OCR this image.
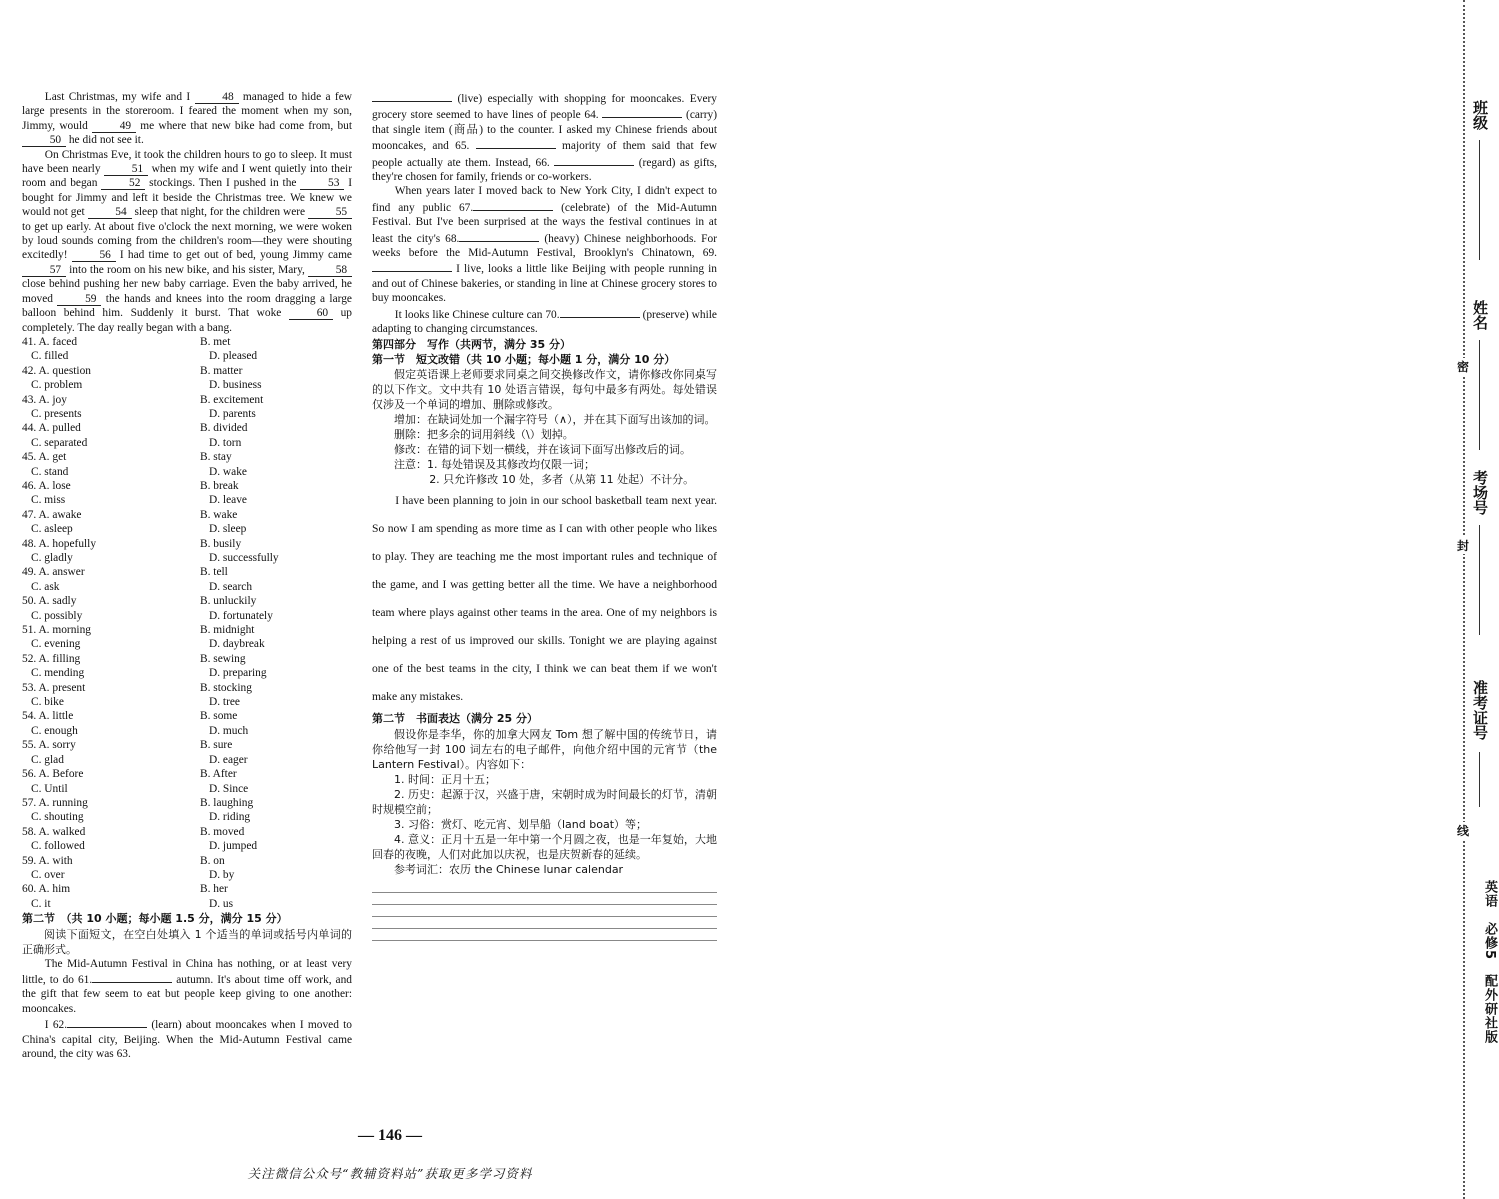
Last Christmas, my wife and I 48 managed to hide a few large presents in the storeroom. I feared the moment when my son, Jimmy, would 49 me where that new bike had come from, but 50 he did not see it.

On Christmas Eve, it took the children hours to go to sleep. It must have been nearly 51 when my wife and I went quietly into their room and began 52 stockings. Then I pushed in the 53 I bought for Jimmy and left it beside the Christmas tree. We knew we would not get 54 sleep that night, for the children were 55 to get up early. At about five o'clock the next morning, we were woken by loud sounds coming from the children's room—they were shouting excitedly! 56 I had time to get out of bed, young Jimmy came 57 into the room on his new bike, and his sister, Mary, 58 close behind pushing her new baby carriage. Even the baby arrived, he moved 59 the hands and knees into the room dragging a large balloon behind him. Suddenly it burst. That woke 60 up completely. The day really began with a bang.

41. A. faced	B. met
C. filled	D. pleased
42. A. question	B. matter
C. problem	D. business
43. A. joy	B. excitement
C. presents	D. parents
44. A. pulled	B. divided
C. separated	D. torn
45. A. get	B. stay
C. stand	D. wake
46. A. lose	B. break
C. miss	D. leave
47. A. awake	B. wake
C. asleep	D. sleep
48. A. hopefully	B. busily
C. gladly	D. successfully
49. A. answer	B. tell
C. ask	D. search
50. A. sadly	B. unluckily
C. possibly	D. fortunately
51. A. morning	B. midnight
C. evening	D. daybreak
52. A. filling	B. sewing
C. mending	D. preparing
53. A. present	B. stocking
C. bike	D. tree
54. A. little	B. some
C. enough	D. much
55. A. sorry	B. sure
C. glad	D. eager
56. A. Before	B. After
C. Until	D. Since
57. A. running	B. laughing
C. shouting	D. riding
58. A. walked	B. moved
C. followed	D. jumped
59. A. with	B. on
C. over	D. by
60. A. him	B. her
C. it	D. us
第二节　（共 10 小题；每小题 1.5 分，满分 15 分）

阅读下面短文，在空白处填入 1 个适当的单词或括号内单词的正确形式。

The Mid-Autumn Festival in China has nothing, or at least very little, to do 61.	autumn. It's about time off work, and the gift that few seem to eat but people keep giving to one another: mooncakes.

I 62.	(learn) about mooncakes when I moved to China's capital city, Beijing. When the Mid-Autumn Festival came around, the city was 63.

(live) especially with shopping for mooncakes. Every grocery store seemed to have lines of people 64.	(carry) that single item (商品) to the counter. I asked my Chinese friends about mooncakes, and 65.	majority of them said that few people actually ate them. Instead, 66.	(regard) as gifts, they're chosen for family, friends or co-workers.

When years later I moved back to New York City, I didn't expect to find any public 67.	(celebrate) of the Mid-Autumn Festival. But I've been surprised at the ways the festival continues in at least the city's 68.	(heavy) Chinese neighborhoods. For weeks before the Mid-Autumn Festival, Brooklyn's Chinatown, 69. I live, looks a little like Beijing with people running in and out of Chinese bakeries, or standing in line at Chinese grocery stores to buy mooncakes.

It looks like Chinese culture can 70.	(preserve) while adapting to changing circumstances.

第四部分　写作（共两节，满分 35 分）
第一节　短文改错（共 10 小题；每小题 1 分，满分 10 分）

假定英语课上老师要求同桌之间交换修改作文，请你修改你同桌写的以下作文。文中共有 10 处语言错误，每句中最多有两处。每处错误仅涉及一个单词的增加、删除或修改。

增加：在缺词处加一个漏字符号（∧），并在其下面写出该加的词。

删除：把多余的词用斜线（\）划掉。

修改：在错的词下划一横线，并在该词下面写出修改后的词。

注意：1. 每处错误及其修改均仅限一词；

2. 只允许修改 10 处，多者（从第 11 处起）不计分。

I have been planning to join in our school basketball team next year. So now I am spending as more time as I can with other people who likes to play. They are teaching me the most important rules and technique of the game, and I was getting better all the time. We have a neighborhood team where plays against other teams in the area. One of my neighbors is helping a rest of us improved our skills. Tonight we are playing against one of the best teams in the city, I think we can beat them if we won't make any mistakes.

第二节　书面表达（满分 25 分）

假设你是李华，你的加拿大网友 Tom 想了解中国的传统节日，请你给他写一封 100 词左右的电子邮件，向他介绍中国的元宵节（the Lantern Festival）。内容如下：

1. 时间：正月十五；

2. 历史：起源于汉，兴盛于唐，宋朝时成为时间最长的灯节，清朝时规模空前；

3. 习俗：赏灯、吃元宵、划旱船（land boat）等；

4. 意义：正月十五是一年中第一个月圆之夜，也是一年复始，大地回春的夜晚，人们对此加以庆祝，也是庆贺新春的延续。

参考词汇：农历 the Chinese lunar calendar

— 146 —
关注微信公众号“教辅资料站”获取更多学习资料
班级
姓名
密
考场号
封
准考证号
线
英语　必修5　配外研社版
